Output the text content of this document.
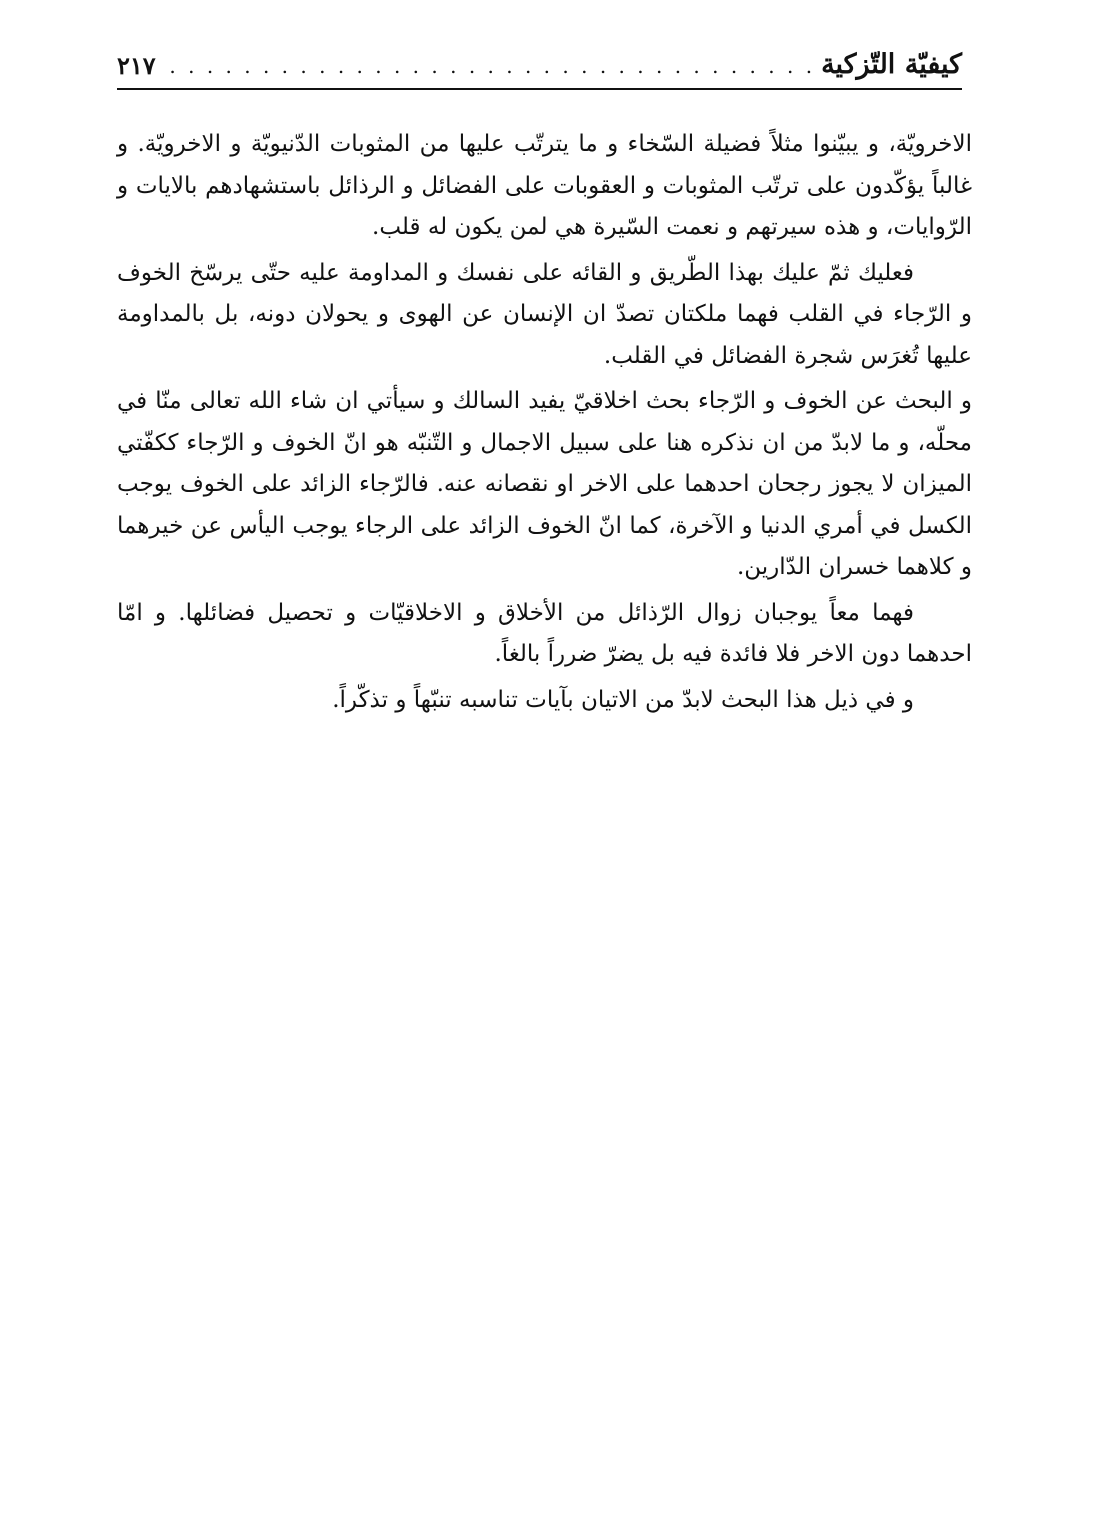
كيفيّة التّزكية
. . .
٢١٧

الاخرويّة، و يبيّنوا مثلاً فضيلة السّخاء و ما يترتّب عليها من المثوبات الدّنيويّة و الاخرويّة. و غالباً يؤكّدون على ترتّب المثوبات و العقوبات على الفضائل و الرذائل باستشهادهم بالايات و الرّوايات، و هذه سيرتهم و نعمت السّيرة هي لمن يكون له قلب.

فعليك ثمّ عليك بهذا الطّريق و القائه على نفسك و المداومة عليه حتّى يرسّخ الخوف و الرّجاء في القلب فهما ملكتان تصدّ ان الإنسان عن الهوى و يحولان دونه، بل بالمداومة عليها تُغرَس شجرة الفضائل في القلب.

و البحث عن الخوف و الرّجاء بحث اخلاقيّ يفيد السالك و سيأتي ان شاء الله تعالى منّا في محلّه، و ما لابدّ من ان نذكره هنا على سبيل الاجمال و التّنبّه هو انّ الخوف و الرّجاء ككفّتي الميزان لا يجوز رجحان احدهما على الاخر او نقصانه عنه. فالرّجاء الزائد على الخوف يوجب الكسل في أمري الدنيا و الآخرة، كما انّ الخوف الزائد على الرجاء يوجب اليأس عن خيرهما و كلاهما خسران الدّارين.

فهما معاً يوجبان زوال الرّذائل من الأخلاق و الاخلاقيّات و تحصيل فضائلها. و امّا احدهما دون الاخر فلا فائدة فيه بل يضرّ ضرراً بالغاً.

و في ذيل هذا البحث لابدّ من الاتيان بآيات تناسبه تنبّهاً و تذكّراً.
